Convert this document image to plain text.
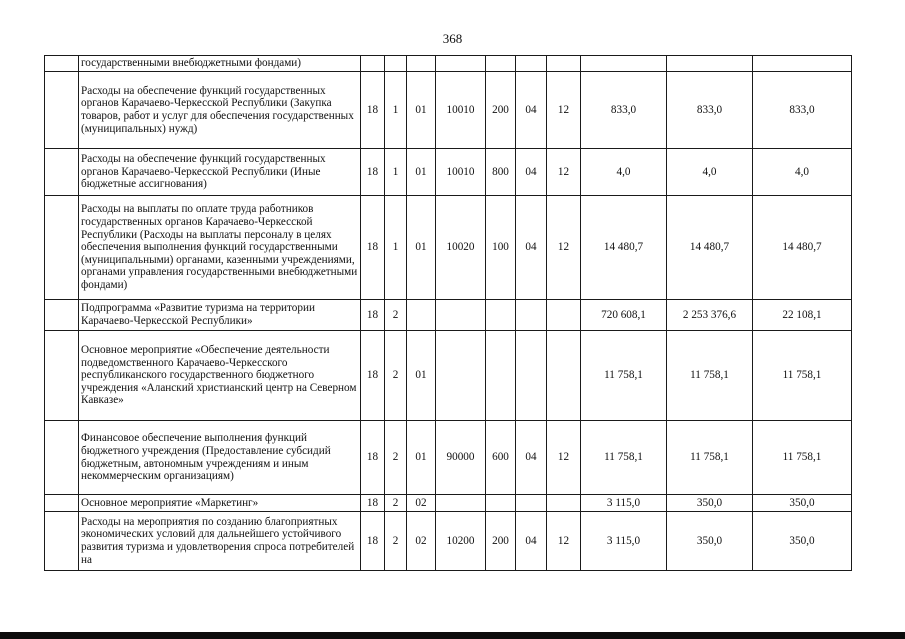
368
	государственными внебюджетными фондами)										
	Расходы на обеспечение функций государственных органов Карачаево-Черкесской Республики (Закупка товаров, работ и услуг для обеспечения государственных (муниципальных) нужд)	18	1	01	10010	200	04	12	833,0	833,0	833,0
	Расходы на обеспечение функций государственных органов Карачаево-Черкесской Республики (Иные бюджетные ассигнования)	18	1	01	10010	800	04	12	4,0	4,0	4,0
	Расходы на выплаты по оплате труда работников государственных органов Карачаево-Черкесской Республики (Расходы на выплаты персоналу в целях обеспечения выполнения функций государственными (муниципальными) органами, казенными учреждениями, органами управления государственными внебюджетными фондами)	18	1	01	10020	100	04	12	14 480,7	14 480,7	14 480,7
	Подпрограмма «Развитие туризма на территории Карачаево-Черкесской Республики»	18	2						720 608,1	2 253 376,6	22 108,1
	Основное мероприятие «Обеспечение деятельности подведомственного Карачаево-Черкесского республиканского государственного бюджетного учреждения «Аланский христианский центр на Северном Кавказе»	18	2	01					11 758,1	11 758,1	11 758,1
	Финансовое обеспечение выполнения функций бюджетного учреждения (Предоставление субсидий бюджетным, автономным учреждениям и иным некоммерческим организациям)	18	2	01	90000	600	04	12	11 758,1	11 758,1	11 758,1
	Основное мероприятие «Маркетинг»	18	2	02					3 115,0	350,0	350,0
	Расходы на мероприятия по созданию благоприятных экономических условий для дальнейшего устойчивого развития туризма и удовлетворения спроса потребителей на	18	2	02	10200	200	04	12	3 115,0	350,0	350,0
